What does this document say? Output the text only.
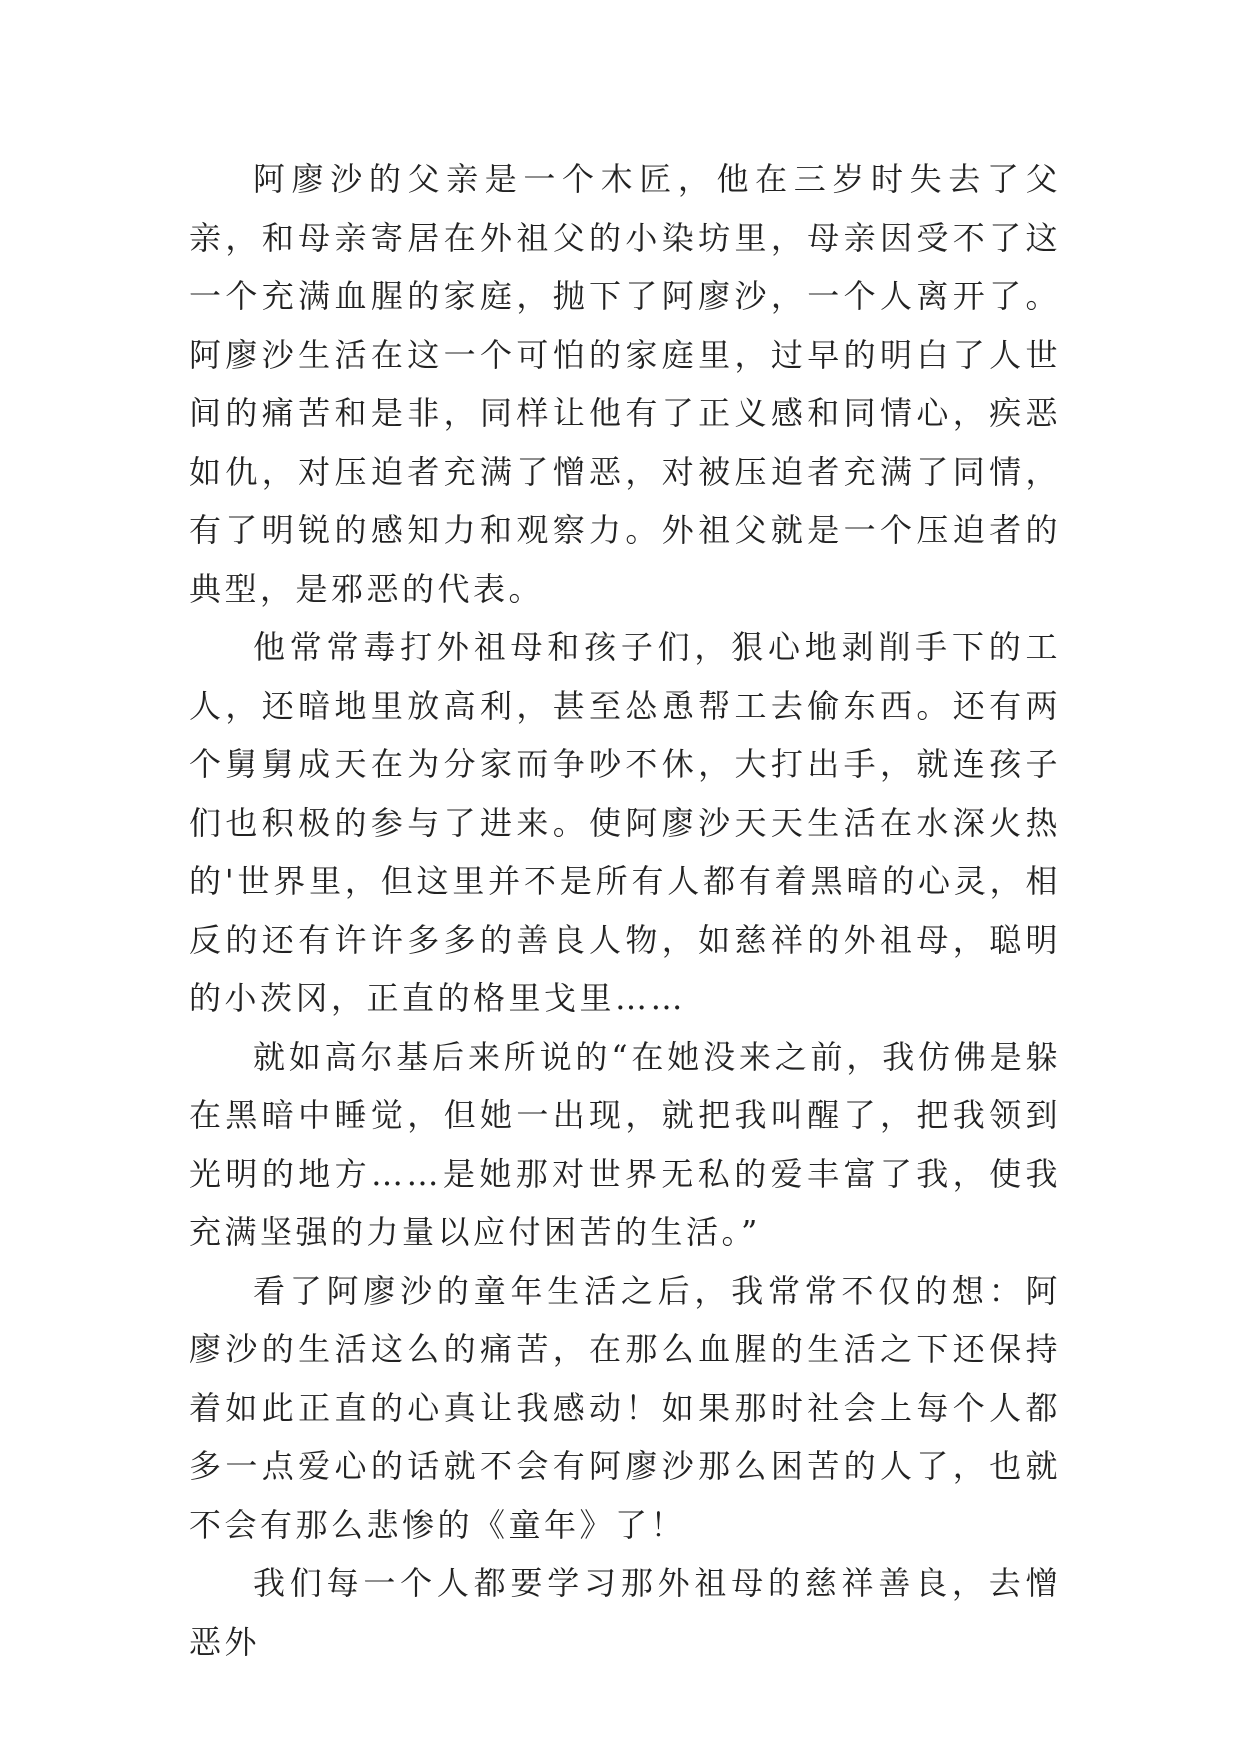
阿廖沙的父亲是一个木匠，他在三岁时失去了父亲，和母亲寄居在外祖父的小染坊里，母亲因受不了这一个充满血腥的家庭，抛下了阿廖沙，一个人离开了。阿廖沙生活在这一个可怕的家庭里，过早的明白了人世间的痛苦和是非，同样让他有了正义感和同情心，疾恶如仇，对压迫者充满了憎恶，对被压迫者充满了同情，有了明锐的感知力和观察力。外祖父就是一个压迫者的典型，是邪恶的代表。

他常常毒打外祖母和孩子们，狠心地剥削手下的工人，还暗地里放高利，甚至怂恿帮工去偷东西。还有两个舅舅成天在为分家而争吵不休，大打出手，就连孩子们也积极的参与了进来。使阿廖沙天天生活在水深火热的'世界里，但这里并不是所有人都有着黑暗的心灵，相反的还有许许多多的善良人物，如慈祥的外祖母，聪明的小茨冈，正直的格里戈里……

就如高尔基后来所说的“在她没来之前，我仿佛是躲在黑暗中睡觉，但她一出现，就把我叫醒了，把我领到光明的地方……是她那对世界无私的爱丰富了我，使我充满坚强的力量以应付困苦的生活。”

看了阿廖沙的童年生活之后，我常常不仅的想：阿廖沙的生活这么的痛苦，在那么血腥的生活之下还保持着如此正直的心真让我感动！如果那时社会上每个人都多一点爱心的话就不会有阿廖沙那么困苦的人了，也就不会有那么悲惨的《童年》了！

我们每一个人都要学习那外祖母的慈祥善良，去憎恶外
